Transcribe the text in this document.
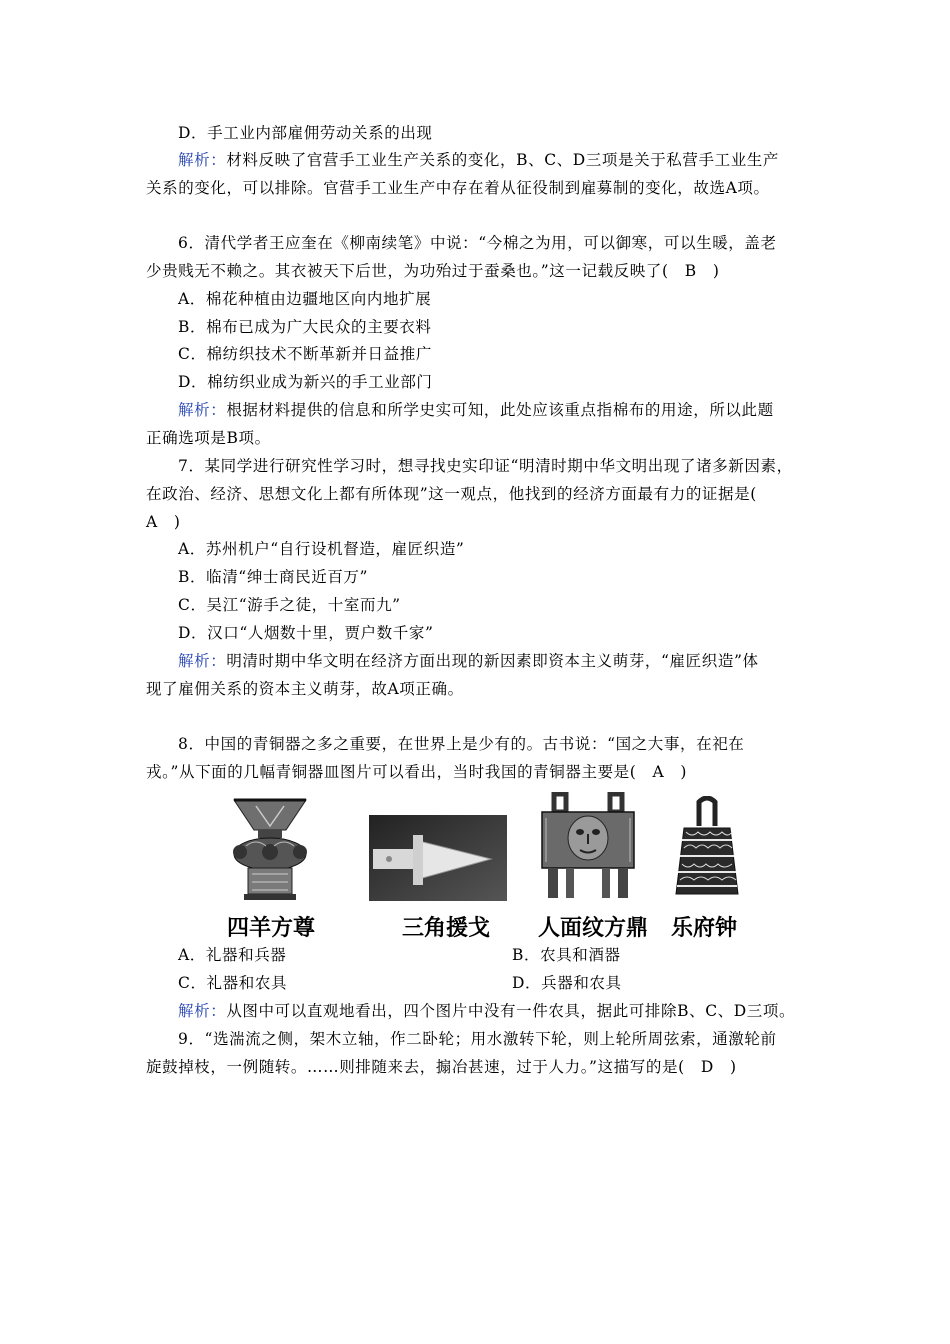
D．手工业内部雇佣劳动关系的出现
解析：材料反映了官营手工业生产关系的变化，B、C、D三项是关于私营手工业生产
关系的变化，可以排除。官营手工业生产中存在着从征役制到雇募制的变化，故选A项。
6．清代学者王应奎在《柳南续笔》中说：“今棉之为用，可以御寒，可以生暖，盖老
少贵贱无不赖之。其衣被天下后世，为功殆过于蚕桑也。”这一记载反映了(　B　)
A．棉花种植由边疆地区向内地扩展
B．棉布已成为广大民众的主要衣料
C．棉纺织技术不断革新并日益推广
D．棉纺织业成为新兴的手工业部门
解析：根据材料提供的信息和所学史实可知，此处应该重点指棉布的用途，所以此题
正确选项是B项。
7．某同学进行研究性学习时，想寻找史实印证“明清时期中华文明出现了诸多新因素，
在政治、经济、思想文化上都有所体现”这一观点，他找到的经济方面最有力的证据是(
A　)
A．苏州机户“自行设机督造，雇匠织造”
B．临清“绅士商民近百万”
C．吴江“游手之徒，十室而九”
D．汉口“人烟数十里，贾户数千家”
解析：明清时期中华文明在经济方面出现的新因素即资本主义萌芽，“雇匠织造”体
现了雇佣关系的资本主义萌芽，故A项正确。
8．中国的青铜器之多之重要，在世界上是少有的。古书说：“国之大事，在祀在
戎。”从下面的几幅青铜器皿图片可以看出，当时我国的青铜器主要是(　A　)
四羊方尊	三角援戈 人面纹方鼎 乐府钟
A．礼器和兵器	B．农具和酒器
C．礼器和农具	D．兵器和农具
解析：从图中可以直观地看出，四个图片中没有一件农具，据此可排除B、C、D三项。
9．“选湍流之侧，架木立轴，作二卧轮；用水激转下轮，则上轮所周弦索，通激轮前
旋鼓掉枝，一例随转。……则排随来去，搧冶甚速，过于人力。”这描写的是(　D　)
